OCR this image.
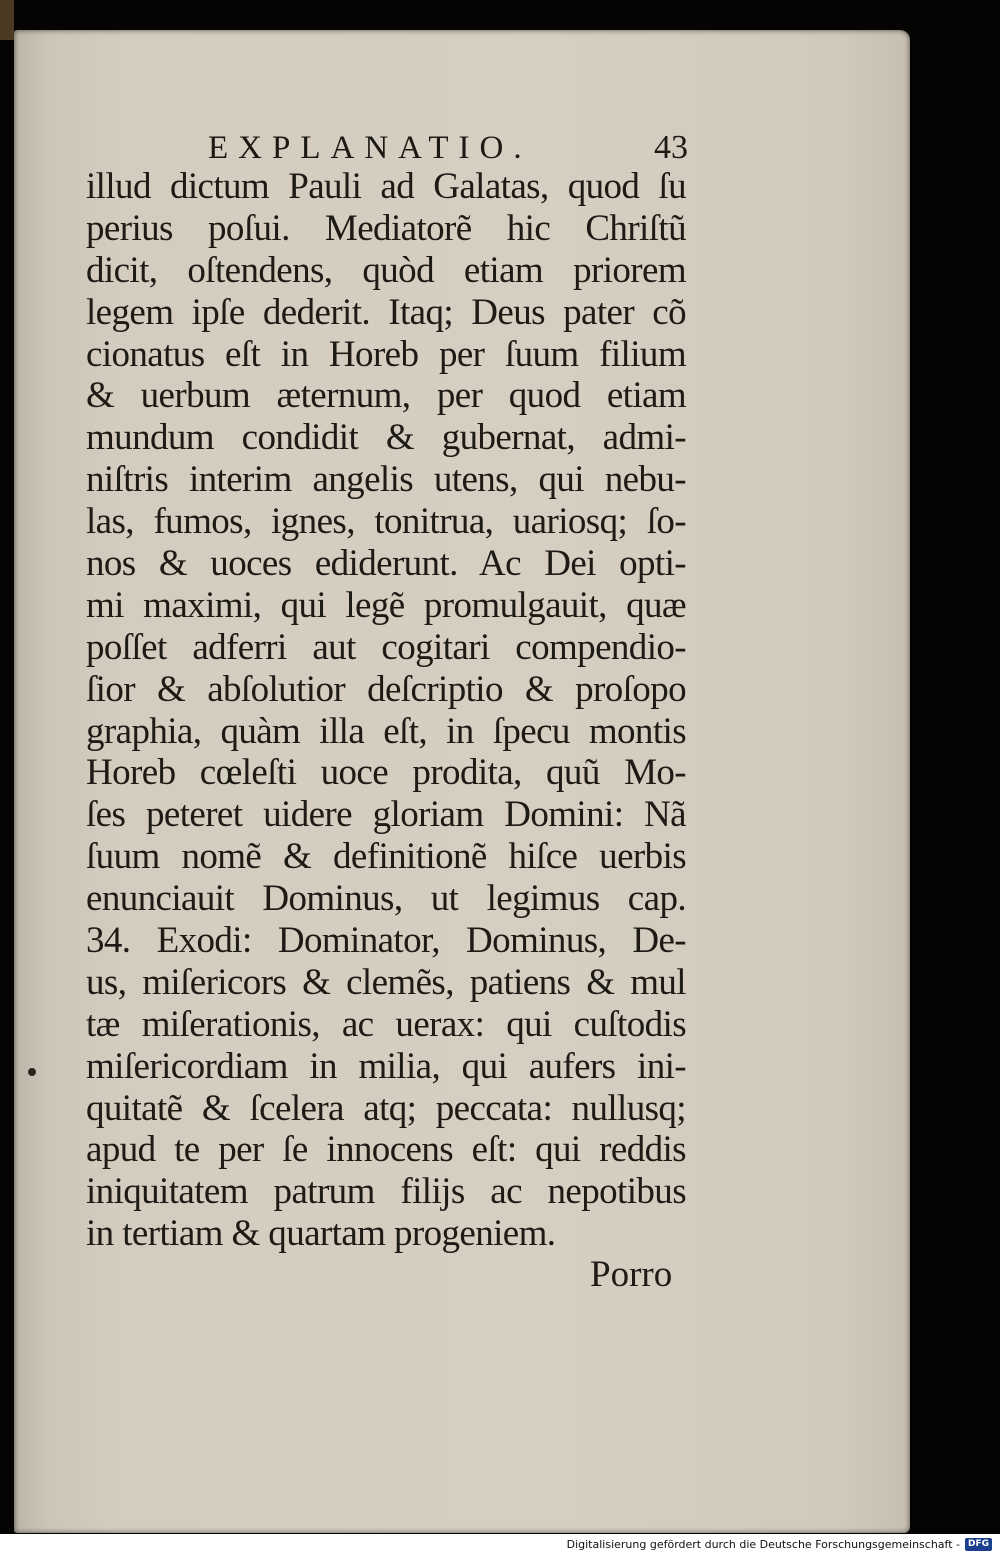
EXPLANATIO.	43
illud dictum Pauli ad Galatas, quod ſu
perius poſui. Mediatorẽ hic Chriſtũ
dicit, oſtendens, quòd etiam priorem
legem ipſe dederit. Itaq; Deus pater cõ
cionatus eſt in Horeb per ſuum filium
& uerbum æternum, per quod etiam
mundum condidit & gubernat, admi-
niſtris interim angelis utens, qui nebu-
las, fumos, ignes, tonitrua, uariosq; ſo-
nos & uoces ediderunt. Ac Dei opti-
mi maximi, qui legẽ promulgauit, quæ
poſſet adferri aut cogitari compendio-
ſior & abſolutior deſcriptio & proſopo
graphia, quàm illa eſt, in ſpecu montis
Horeb cœleſti uoce prodita, quũ Mo-
ſes peteret uidere gloriam Domini: Nã
ſuum nomẽ & definitionẽ hiſce uerbis
enunciauit Dominus, ut legimus cap.
34. Exodi: Dominator, Dominus, De-
us, miſericors & clemẽs, patiens & mul
tæ miſerationis, ac uerax: qui cuſtodis
miſericordiam in milia, qui aufers ini-
quitatẽ & ſcelera atq; peccata: nullusq;
apud te per ſe innocens eſt: qui reddis
iniquitatem patrum filijs ac nepotibus
in tertiam & quartam progeniem.
Porro
Digitalisierung gefördert durch die Deutsche Forschungsgemeinschaft - DFG
